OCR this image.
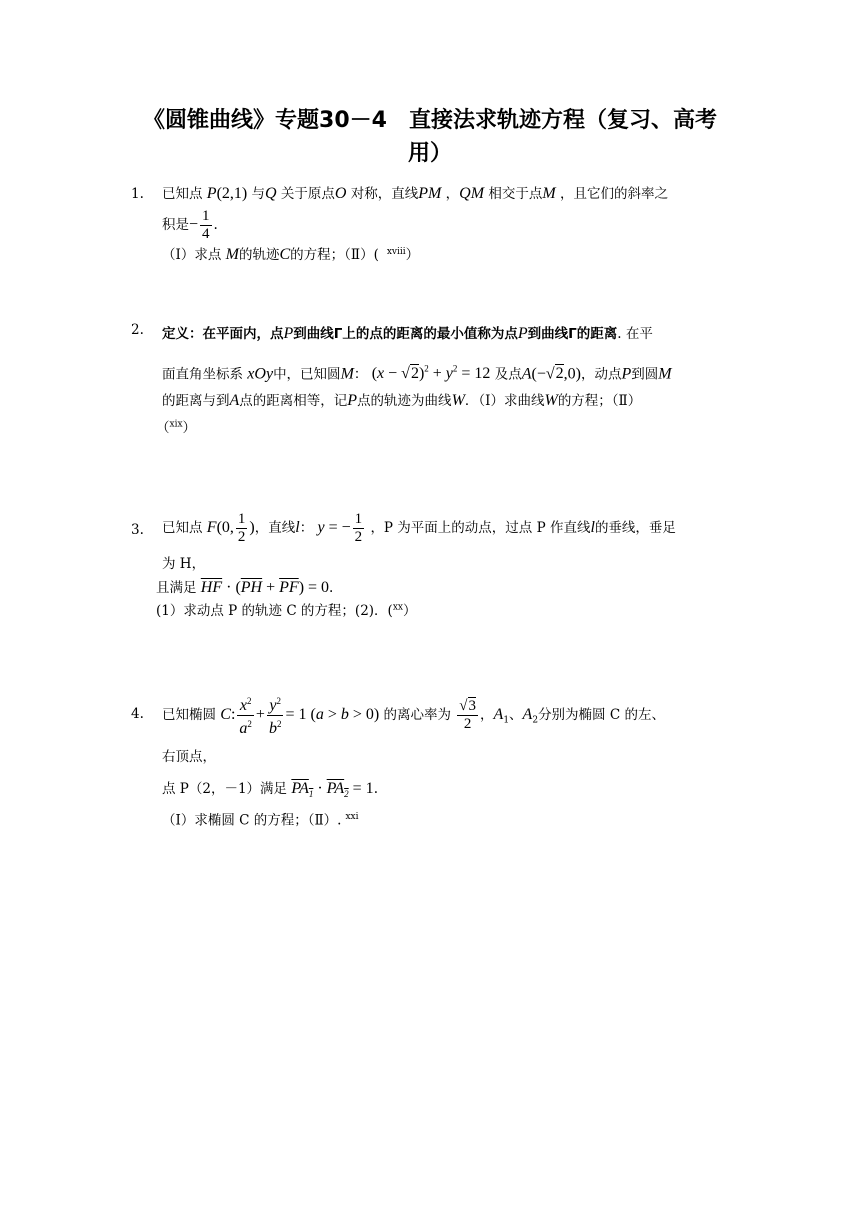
《圆锥曲线》专题30－4　直接法求轨迹方程（复习、高考
用）
1.	已知点 P(2,1) 与Q 关于原点O 对称，直线PM ，QM 相交于点M ，且它们的斜率之
积是− $\frac{1}{4}$ .
（Ⅰ）求点 M的轨迹C的方程；（Ⅱ）( $^{xviii}$）
2.	定义：在平面内，点P到曲线Γ上的点的距离的最小值称为点P到曲线Γ的距离. 在平
面直角坐标系 xOy中，已知圆M： $(x - √2)^2 + y^2 = 12$ 及点A(−√2,0)，动点P到圆M
的距离与到A点的距离相等，记P点的轨迹为曲线W．（Ⅰ）求曲线W的方程；（Ⅱ）
（$^{xix}$）
3.	已知点 F(0, $\frac{1}{2}$ )，直线l： y = − $\frac{1}{2}$ ，P 为平面上的动点，过点 P 作直线l的垂线，垂足
为 H，
且满足 $\overline{HF} \cdot (\overline{PH} + \overline{PF}) = 0$.
(1）求动点 P 的轨迹 C 的方程；(2)．($^{xx}$）
4.	已知椭圆 C: $\frac{x^2}{a^2} + \frac{y^2}{b^2} = 1$ (a > b > 0) 的离心率为 $\frac{√3}{2}$ ，$A_1$、$A_2$分别为椭圆 C 的左、
右顶点，
点 P（2，－1）满足 $PA_1 \cdot PA_2 = 1$.
（Ⅰ）求椭圆 C 的方程；（Ⅱ）. $^{xxi}$
